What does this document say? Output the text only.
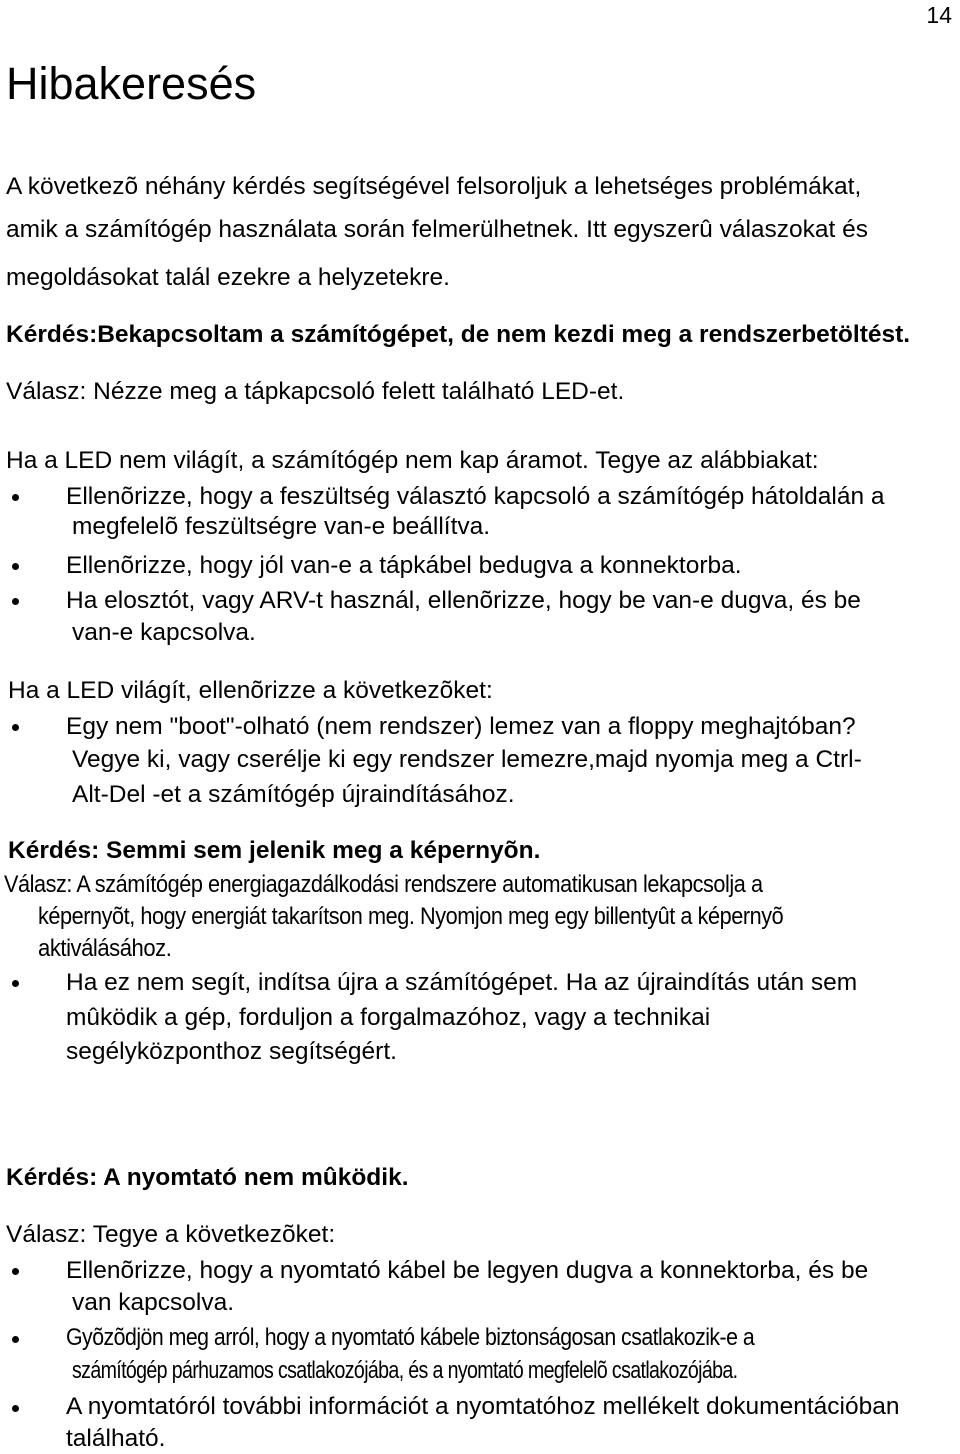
14
Hibakeresés
A következõ néhány kérdés segítségével felsoroljuk a lehetséges problémákat,
amik a számítógép használata során felmerülhetnek. Itt egyszerû válaszokat és
megoldásokat talál ezekre a helyzetekre.
Kérdés:Bekapcsoltam a számítógépet, de nem kezdi meg a rendszerbetöltést.
Válasz: Nézze meg a tápkapcsoló felett található LED-et.
Ha a LED nem világít, a számítógép nem kap áramot. Tegye az alábbiakat:
Ellenõrizze, hogy a feszültség választó kapcsoló a számítógép hátoldalán a
megfelelõ feszültségre van-e beállítva.
Ellenõrizze, hogy jól van-e a tápkábel bedugva a konnektorba.
Ha elosztót, vagy ARV-t használ, ellenõrizze, hogy be van-e dugva, és be
van-e kapcsolva.
Ha a LED világít, ellenõrizze a következõket:
Egy nem "boot"-olható (nem rendszer) lemez van a floppy meghajtóban?
Vegye ki, vagy cserélje ki egy rendszer lemezre,majd nyomja meg a Ctrl-
Alt-Del -et a számítógép újraindításához.
Kérdés: Semmi sem jelenik meg a képernyõn.
Válasz: A számítógép energiagazdálkodási rendszere automatikusan lekapcsolja a
képernyõt, hogy energiát takarítson meg. Nyomjon meg egy billentyût a képernyõ
aktiválásához.
Ha ez nem segít, indítsa újra a számítógépet. Ha az újraindítás után sem
mûködik a gép, forduljon a forgalmazóhoz, vagy a technikai
segélyközponthoz segítségért.
Kérdés: A nyomtató nem mûködik.
Válasz: Tegye a következõket:
Ellenõrizze, hogy a nyomtató kábel be legyen dugva a konnektorba, és be
van kapcsolva.
Gyõzõdjön meg arról, hogy a nyomtató kábele biztonságosan csatlakozik-e a
számítógép párhuzamos csatlakozójába, és a nyomtató megfelelõ csatlakozójába.
A nyomtatóról további információt a nyomtatóhoz mellékelt dokumentációban
található.
